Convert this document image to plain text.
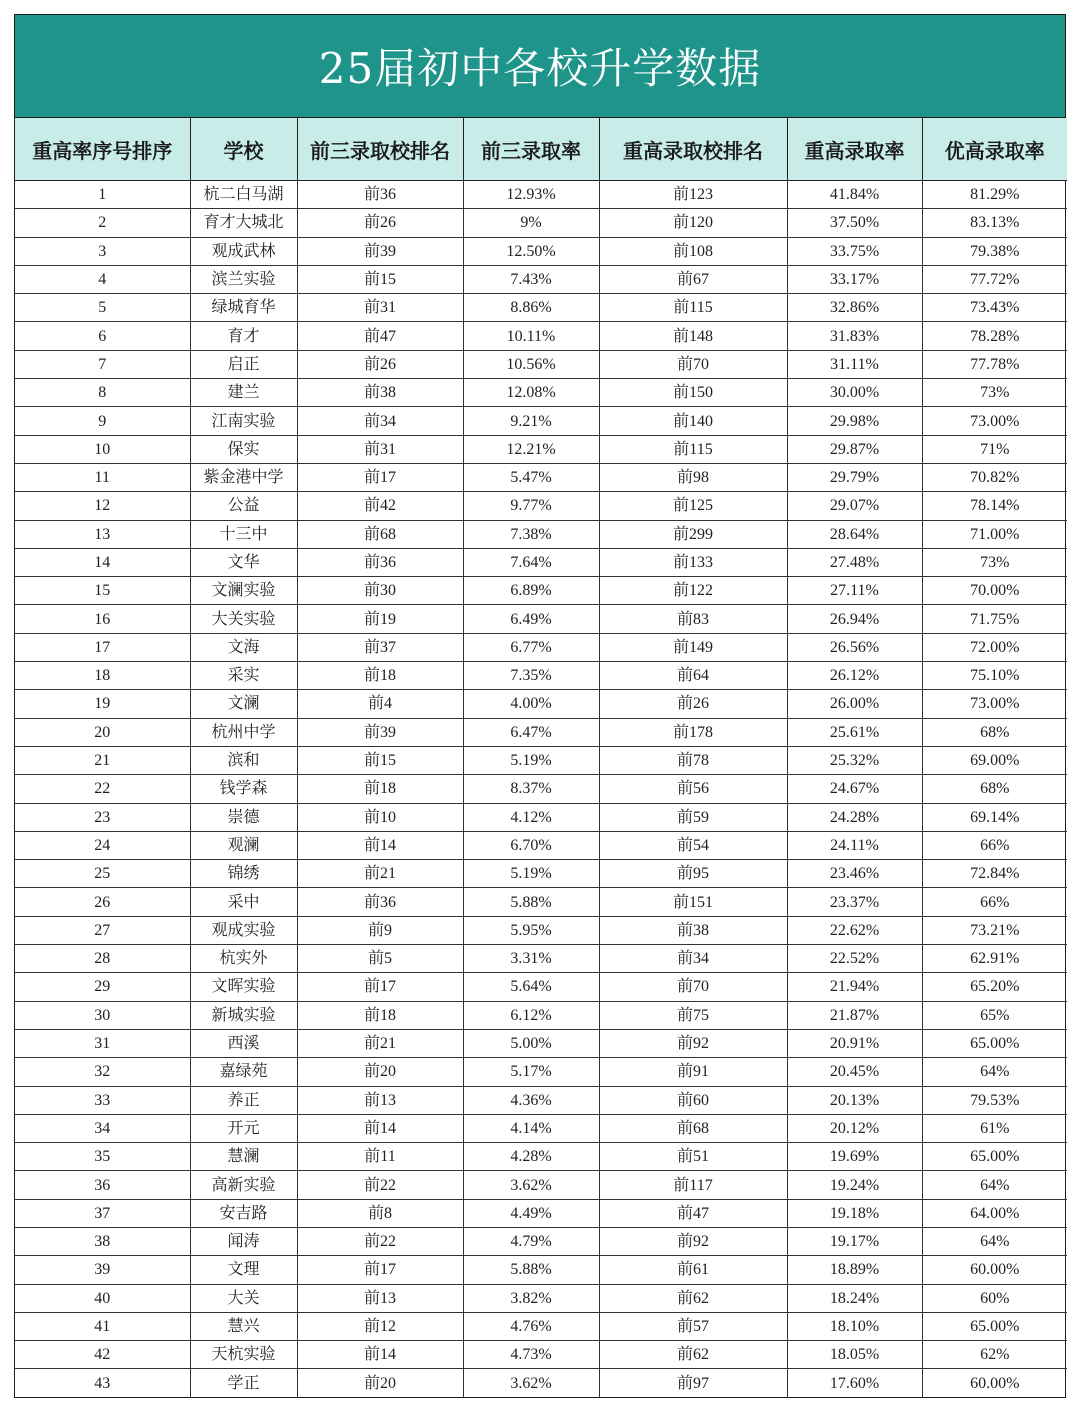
25届初中各校升学数据
重高率序号排序	学校	前三录取校排名	前三录取率	重高录取校排名	重高录取率	优高录取率
1	杭二白马湖	前36	12.93%	前123	41.84%	81.29%
2	育才大城北	前26	9%	前120	37.50%	83.13%
3	观成武林	前39	12.50%	前108	33.75%	79.38%
4	滨兰实验	前15	7.43%	前67	33.17%	77.72%
5	绿城育华	前31	8.86%	前115	32.86%	73.43%
6	育才	前47	10.11%	前148	31.83%	78.28%
7	启正	前26	10.56%	前70	31.11%	77.78%
8	建兰	前38	12.08%	前150	30.00%	73%
9	江南实验	前34	9.21%	前140	29.98%	73.00%
10	保实	前31	12.21%	前115	29.87%	71%
11	紫金港中学	前17	5.47%	前98	29.79%	70.82%
12	公益	前42	9.77%	前125	29.07%	78.14%
13	十三中	前68	7.38%	前299	28.64%	71.00%
14	文华	前36	7.64%	前133	27.48%	73%
15	文澜实验	前30	6.89%	前122	27.11%	70.00%
16	大关实验	前19	6.49%	前83	26.94%	71.75%
17	文海	前37	6.77%	前149	26.56%	72.00%
18	采实	前18	7.35%	前64	26.12%	75.10%
19	文澜	前4	4.00%	前26	26.00%	73.00%
20	杭州中学	前39	6.47%	前178	25.61%	68%
21	滨和	前15	5.19%	前78	25.32%	69.00%
22	钱学森	前18	8.37%	前56	24.67%	68%
23	崇德	前10	4.12%	前59	24.28%	69.14%
24	观澜	前14	6.70%	前54	24.11%	66%
25	锦绣	前21	5.19%	前95	23.46%	72.84%
26	采中	前36	5.88%	前151	23.37%	66%
27	观成实验	前9	5.95%	前38	22.62%	73.21%
28	杭实外	前5	3.31%	前34	22.52%	62.91%
29	文晖实验	前17	5.64%	前70	21.94%	65.20%
30	新城实验	前18	6.12%	前75	21.87%	65%
31	西溪	前21	5.00%	前92	20.91%	65.00%
32	嘉绿苑	前20	5.17%	前91	20.45%	64%
33	养正	前13	4.36%	前60	20.13%	79.53%
34	开元	前14	4.14%	前68	20.12%	61%
35	慧澜	前11	4.28%	前51	19.69%	65.00%
36	高新实验	前22	3.62%	前117	19.24%	64%
37	安吉路	前8	4.49%	前47	19.18%	64.00%
38	闻涛	前22	4.79%	前92	19.17%	64%
39	文理	前17	5.88%	前61	18.89%	60.00%
40	大关	前13	3.82%	前62	18.24%	60%
41	慧兴	前12	4.76%	前57	18.10%	65.00%
42	天杭实验	前14	4.73%	前62	18.05%	62%
43	学正	前20	3.62%	前97	17.60%	60.00%
